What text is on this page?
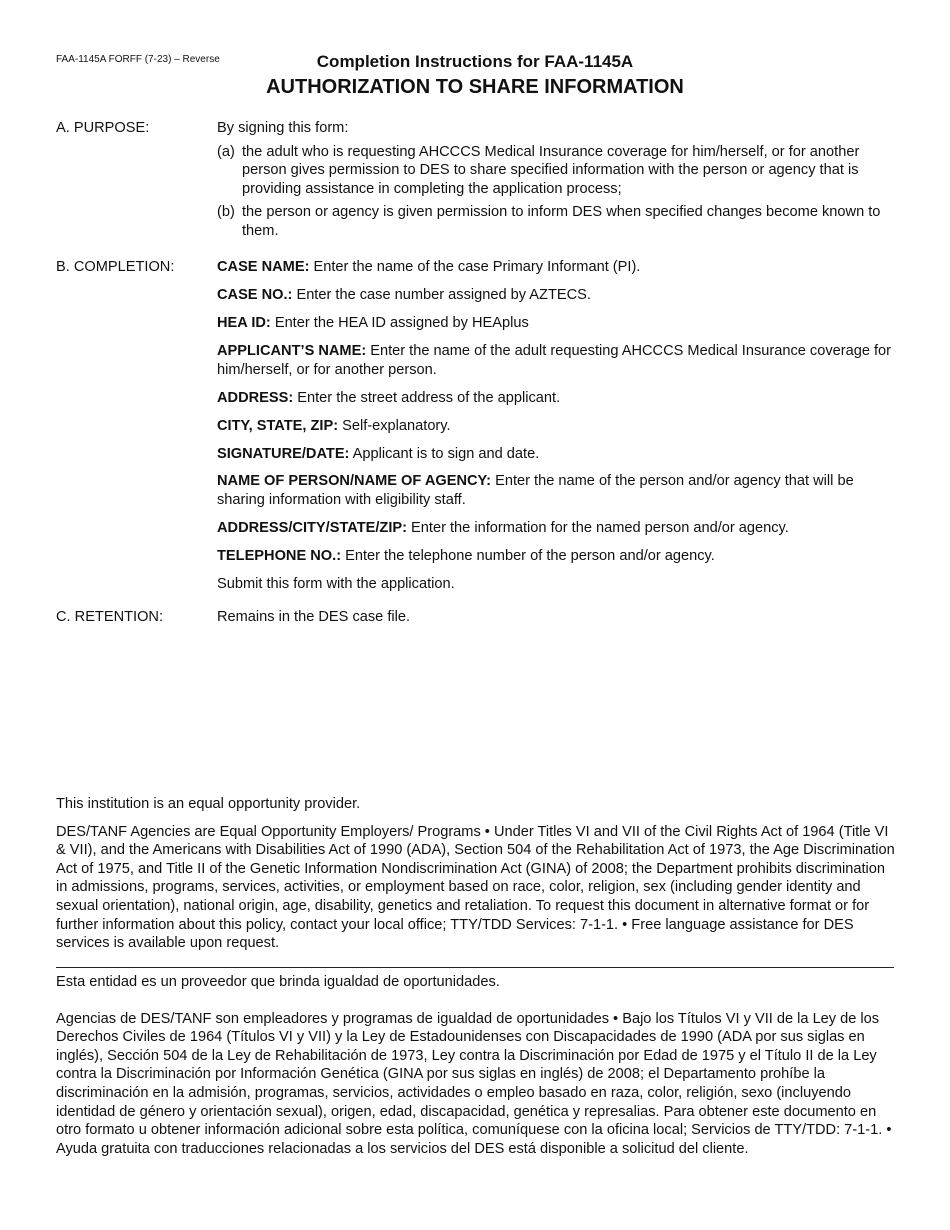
FAA-1145A FORFF (7-23) – Reverse	Completion Instructions for FAA-1145A
AUTHORIZATION TO SHARE INFORMATION
A. PURPOSE:	By signing this form:
(a) the adult who is requesting AHCCCS Medical Insurance coverage for him/herself, or for another person gives permission to DES to share specified information with the person or agency that is providing assistance in completing the application process;
(b) the person or agency is given permission to inform DES when specified changes become known to them.
B. COMPLETION:	CASE NAME: Enter the name of the case Primary Informant (PI).
CASE NO.: Enter the case number assigned by AZTECS.
HEA ID: Enter the HEA ID assigned by HEAplus
APPLICANT’S NAME: Enter the name of the adult requesting AHCCCS Medical Insurance coverage for him/herself, or for another person.
ADDRESS: Enter the street address of the applicant.
CITY, STATE, ZIP: Self-explanatory.
SIGNATURE/DATE: Applicant is to sign and date.
NAME OF PERSON/NAME OF AGENCY: Enter the name of the person and/or agency that will be sharing information with eligibility staff.
ADDRESS/CITY/STATE/ZIP: Enter the information for the named person and/or agency.
TELEPHONE NO.: Enter the telephone number of the person and/or agency.
Submit this form with the application.
C. RETENTION:	Remains in the DES case file.
This institution is an equal opportunity provider.
DES/TANF Agencies are Equal Opportunity Employers/ Programs • Under Titles VI and VII of the Civil Rights Act of 1964 (Title VI & VII), and the Americans with Disabilities Act of 1990 (ADA), Section 504 of the Rehabilitation Act of 1973, the Age Discrimination Act of 1975, and Title II of the Genetic Information Nondiscrimination Act (GINA) of 2008; the Department prohibits discrimination in admissions, programs, services, activities, or employment based on race, color, religion, sex (including gender identity and sexual orientation), national origin, age, disability, genetics and retaliation. To request this document in alternative format or for further information about this policy, contact your local office; TTY/TDD Services: 7-1-1. • Free language assistance for DES services is available upon request.
Esta entidad es un proveedor que brinda igualdad de oportunidades.
Agencias de DES/TANF son empleadores y programas de igualdad de oportunidades • Bajo los Títulos VI y VII de la Ley de los Derechos Civiles de 1964 (Títulos VI y VII) y la Ley de Estadounidenses con Discapacidades de 1990 (ADA por sus siglas en inglés), Sección 504 de la Ley de Rehabilitación de 1973, Ley contra la Discriminación por Edad de 1975 y el Título II de la Ley contra la Discriminación por Información Genética (GINA por sus siglas en inglés) de 2008; el Departamento prohíbe la discriminación en la admisión, programas, servicios, actividades o empleo basado en raza, color, religión, sexo (incluyendo identidad de género y orientación sexual), origen, edad, discapacidad, genética y represalias. Para obtener este documento en otro formato u obtener información adicional sobre esta política, comuníquese con la oficina local; Servicios de TTY/TDD: 7-1-1. • Ayuda gratuita con traducciones relacionadas a los servicios del DES está disponible a solicitud del cliente.
